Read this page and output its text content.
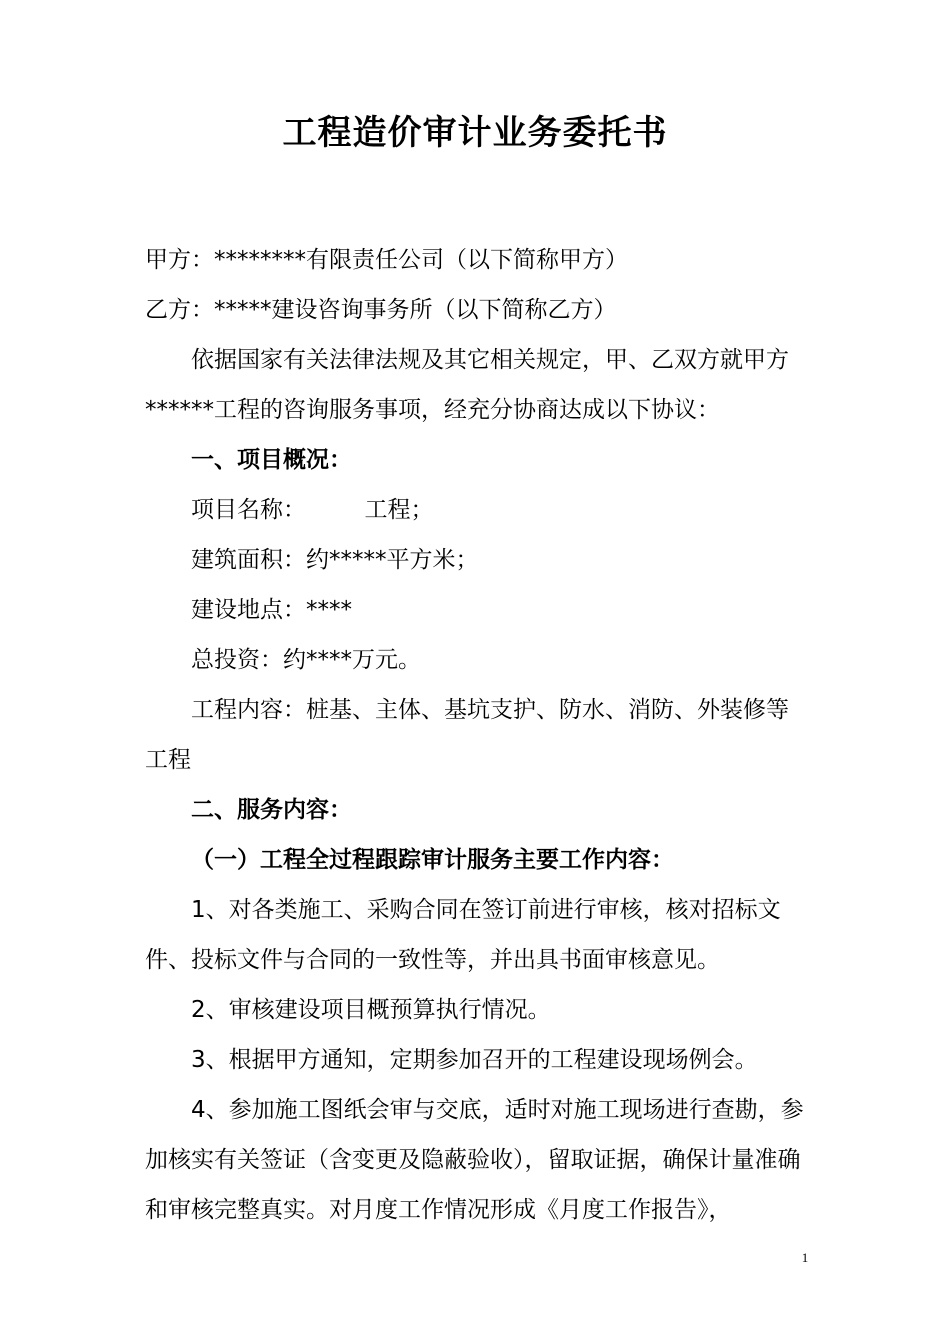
工程造价审计业务委托书

甲方：********有限责任公司（以下简称甲方）

乙方：*****建设咨询事务所（以下简称乙方）

依据国家有关法律法规及其它相关规定，甲、乙双方就甲方******工程的咨询服务事项，经充分协商达成以下协议：

一、项目概况：

项目名称：        工程；

建筑面积：约*****平方米；

建设地点：****

总投资：约****万元。

工程内容：桩基、主体、基坑支护、防水、消防、外装修等工程

二、服务内容：

（一）工程全过程跟踪审计服务主要工作内容：

1、对各类施工、采购合同在签订前进行审核，核对招标文件、投标文件与合同的一致性等，并出具书面审核意见。

2、审核建设项目概预算执行情况。

3、根据甲方通知，定期参加召开的工程建设现场例会。

4、参加施工图纸会审与交底，适时对施工现场进行查勘，参加核实有关签证（含变更及隐蔽验收），留取证据，确保计量准确和审核完整真实。对月度工作情况形成《月度工作报告》，

1
